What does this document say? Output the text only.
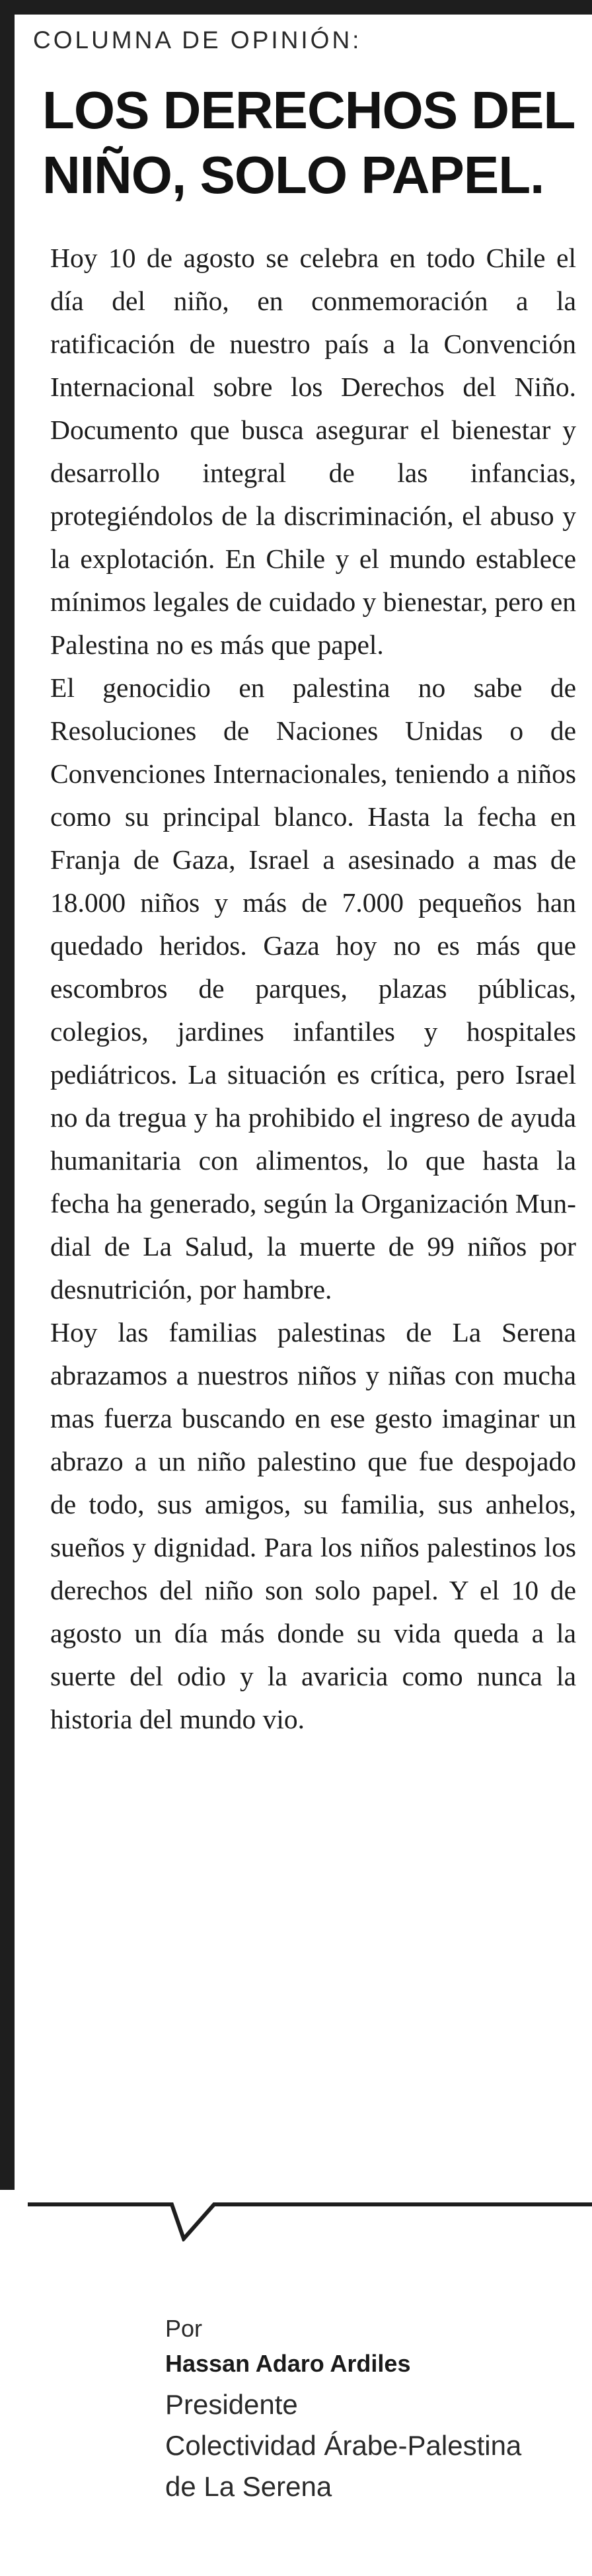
COLUMNA DE OPINIÓN:
LOS DERECHOS DEL
NIÑO, SOLO PAPEL.

Hoy 10 de agosto se celebra en todo Chile el día del niño, en conmemoración a la ratificación de nuestro país a la Convención Internacional sobre los Derechos del Niño. Documento que busca asegurar el bienestar y desarrollo integral de las infancias, protegiéndolos de la discriminación, el abuso y la explotación. En Chile y el mundo establece mínimos legales de cuidado y bienestar, pero en Palestina no es más que papel.

El genocidio en palestina no sabe de Resoluciones de Naciones Unidas o de Convenciones Internacionales, teniendo a niños como su principal blanco. Hasta la fecha en Franja de Gaza, Israel a asesinado a mas de 18.000 niños y más de 7.000 pequeños han quedado heridos. Gaza hoy no es más que escombros de parques, plazas públicas, colegios, jardines infantiles y hospitales pediátricos. La situación es crítica, pero Israel no da tregua y ha prohibido el ingreso de ayuda humanitaria con alimentos, lo que hasta la fecha ha generado, según la Organización Mundial de La Salud, la muerte de 99 niños por desnutrición, por hambre.

Hoy las familias palestinas de La Serena abrazamos a nuestros niños y niñas con mucha mas fuerza buscando en ese gesto imaginar un abrazo a un niño palestino que fue despojado de todo, sus amigos, su familia, sus anhelos, sueños y dignidad. Para los niños palestinos los derechos del niño son solo papel. Y el 10 de agosto un día más donde su vida queda a la suerte del odio y la avaricia como nunca la historia del mundo vio.

Por

Hassan Adaro Ardiles

Presidente

Colectividad Árabe-Palestina

de La Serena
